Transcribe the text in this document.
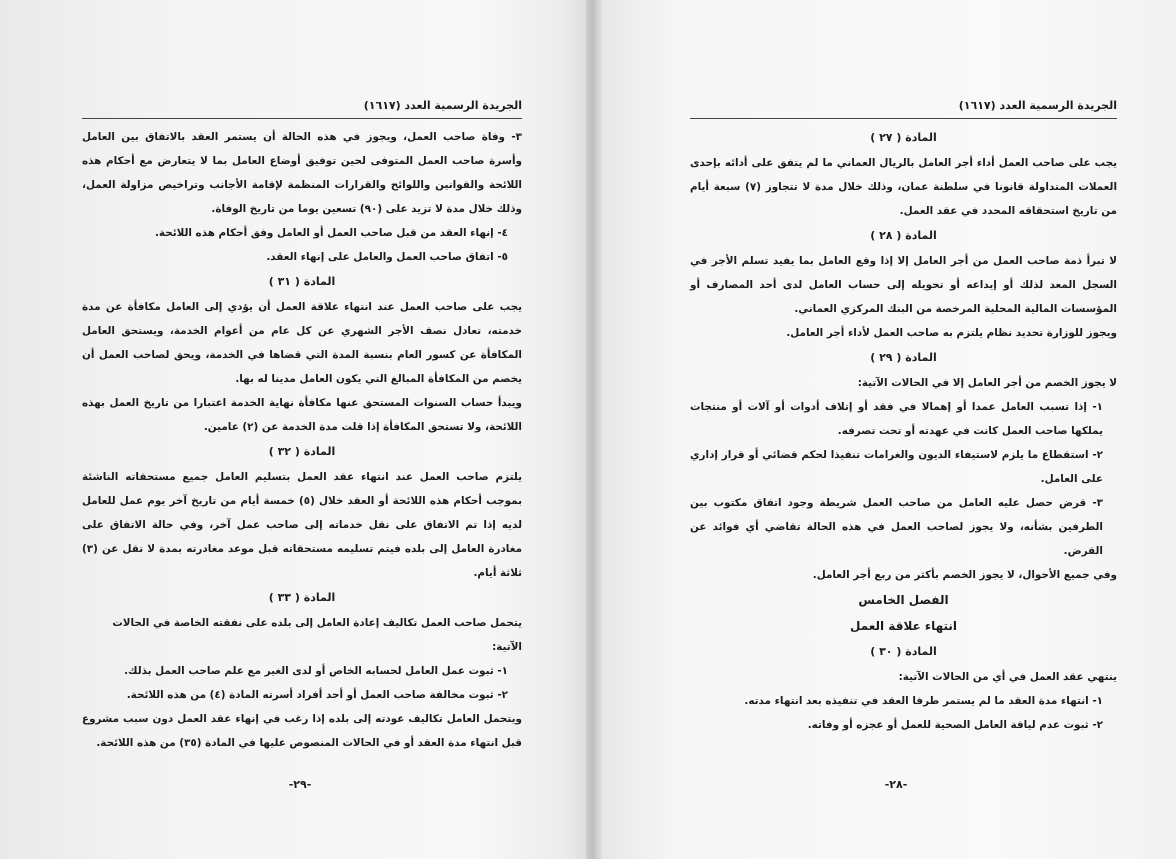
الجريدة الرسمية العدد (١٦١٧)

٣- وفاة صاحب العمل، ويجوز في هذه الحالة أن يستمر العقد بالاتفاق بين العامل وأسرة صاحب العمل المتوفى لحين توفيق أوضاع العامل بما لا يتعارض مع أحكام هذه اللائحة والقوانين واللوائح والقرارات المنظمة لإقامة الأجانب وتراخيص مزاولة العمل، وذلك خلال مدة لا تزيد على (٩٠) تسعين يوما من تاريخ الوفاة.

٤- إنهاء العقد من قبل صاحب العمل أو العامل وفق أحكام هذه اللائحة.

٥- اتفاق صاحب العمل والعامل على إنهاء العقد.

المادة ( ٣١ )

يجب على صاحب العمل عند انتهاء علاقة العمل أن يؤدي إلى العامل مكافأة عن مدة خدمته، تعادل نصف الأجر الشهري عن كل عام من أعوام الخدمة، ويستحق العامل المكافأة عن كسور العام بنسبة المدة التي قضاها في الخدمة، ويحق لصاحب العمل أن يخصم من المكافأة المبالغ التي يكون العامل مدينا له بها.

ويبدأ حساب السنوات المستحق عنها مكافأة نهاية الخدمة اعتبارا من تاريخ العمل بهذه اللائحة، ولا تستحق المكافأة إذا قلت مدة الخدمة عن (٢) عامين.

المادة ( ٣٢ )

يلتزم صاحب العمل عند انتهاء عقد العمل بتسليم العامل جميع مستحقاته الناشئة بموجب أحكام هذه اللائحة أو العقد خلال (٥) خمسة أيام من تاريخ آخر يوم عمل للعامل لديه إذا تم الاتفاق على نقل خدماته إلى صاحب عمل آخر، وفي حالة الاتفاق على مغادرة العامل إلى بلده فيتم تسليمه مستحقاته قبل موعد مغادرته بمدة لا تقل عن (٣) ثلاثة أيام.

المادة ( ٣٣ )

يتحمل صاحب العمل تكاليف إعادة العامل إلى بلده على نفقته الخاصة في الحالات الآتية:

١- ثبوت عمل العامل لحسابه الخاص أو لدى الغير مع علم صاحب العمل بذلك.

٢- ثبوت مخالفة صاحب العمل أو أحد أفراد أسرته المادة (٤) من هذه اللائحة.

ويتحمل العامل تكاليف عودته إلى بلده إذا رغب في إنهاء عقد العمل دون سبب مشروع قبل انتهاء مدة العقد أو في الحالات المنصوص عليها في المادة (٣٥) من هذه اللائحة.

-٢٩-
الجريدة الرسمية العدد (١٦١٧)

المادة ( ٢٧ )

يجب على صاحب العمل أداء أجر العامل بالريال العماني ما لم يتفق على أدائه بإحدى العملات المتداولة قانونا في سلطنة عمان، وذلك خلال مدة لا تتجاوز (٧) سبعة أيام من تاريخ استحقاقه المحدد في عقد العمل.

المادة ( ٢٨ )

لا تبرأ ذمة صاحب العمل من أجر العامل إلا إذا وقع العامل بما يفيد تسلم الأجر في السجل المعد لذلك أو إيداعه أو تحويله إلى حساب العامل لدى أحد المصارف أو المؤسسات المالية المحلية المرخصة من البنك المركزي العماني.

ويجوز للوزارة تحديد نظام يلتزم به صاحب العمل لأداء أجر العامل.

المادة ( ٢٩ )

لا يجوز الخصم من أجر العامل إلا في الحالات الآتية:

١- إذا تسبب العامل عمدا أو إهمالا في فقد أو إتلاف أدوات أو آلات أو منتجات يملكها صاحب العمل كانت في عهدته أو تحت تصرفه.

٢- استقطاع ما يلزم لاستيفاء الديون والغرامات تنفيذا لحكم قضائي أو قرار إداري على العامل.

٣- قرض حصل عليه العامل من صاحب العمل شريطة وجود اتفاق مكتوب بين الطرفين بشأنه، ولا يجوز لصاحب العمل في هذه الحالة تقاضي أي فوائد عن القرض.

وفي جميع الأحوال، لا يجوز الخصم بأكثر من ربع أجر العامل.

الفصل الخامس

انتهاء علاقة العمل

المادة ( ٣٠ )

ينتهي عقد العمل في أي من الحالات الآتية:

١- انتهاء مدة العقد ما لم يستمر طرفا العقد في تنفيذه بعد انتهاء مدته.

٢- ثبوت عدم لياقة العامل الصحية للعمل أو عجزه أو وفاته.

-٢٨-
